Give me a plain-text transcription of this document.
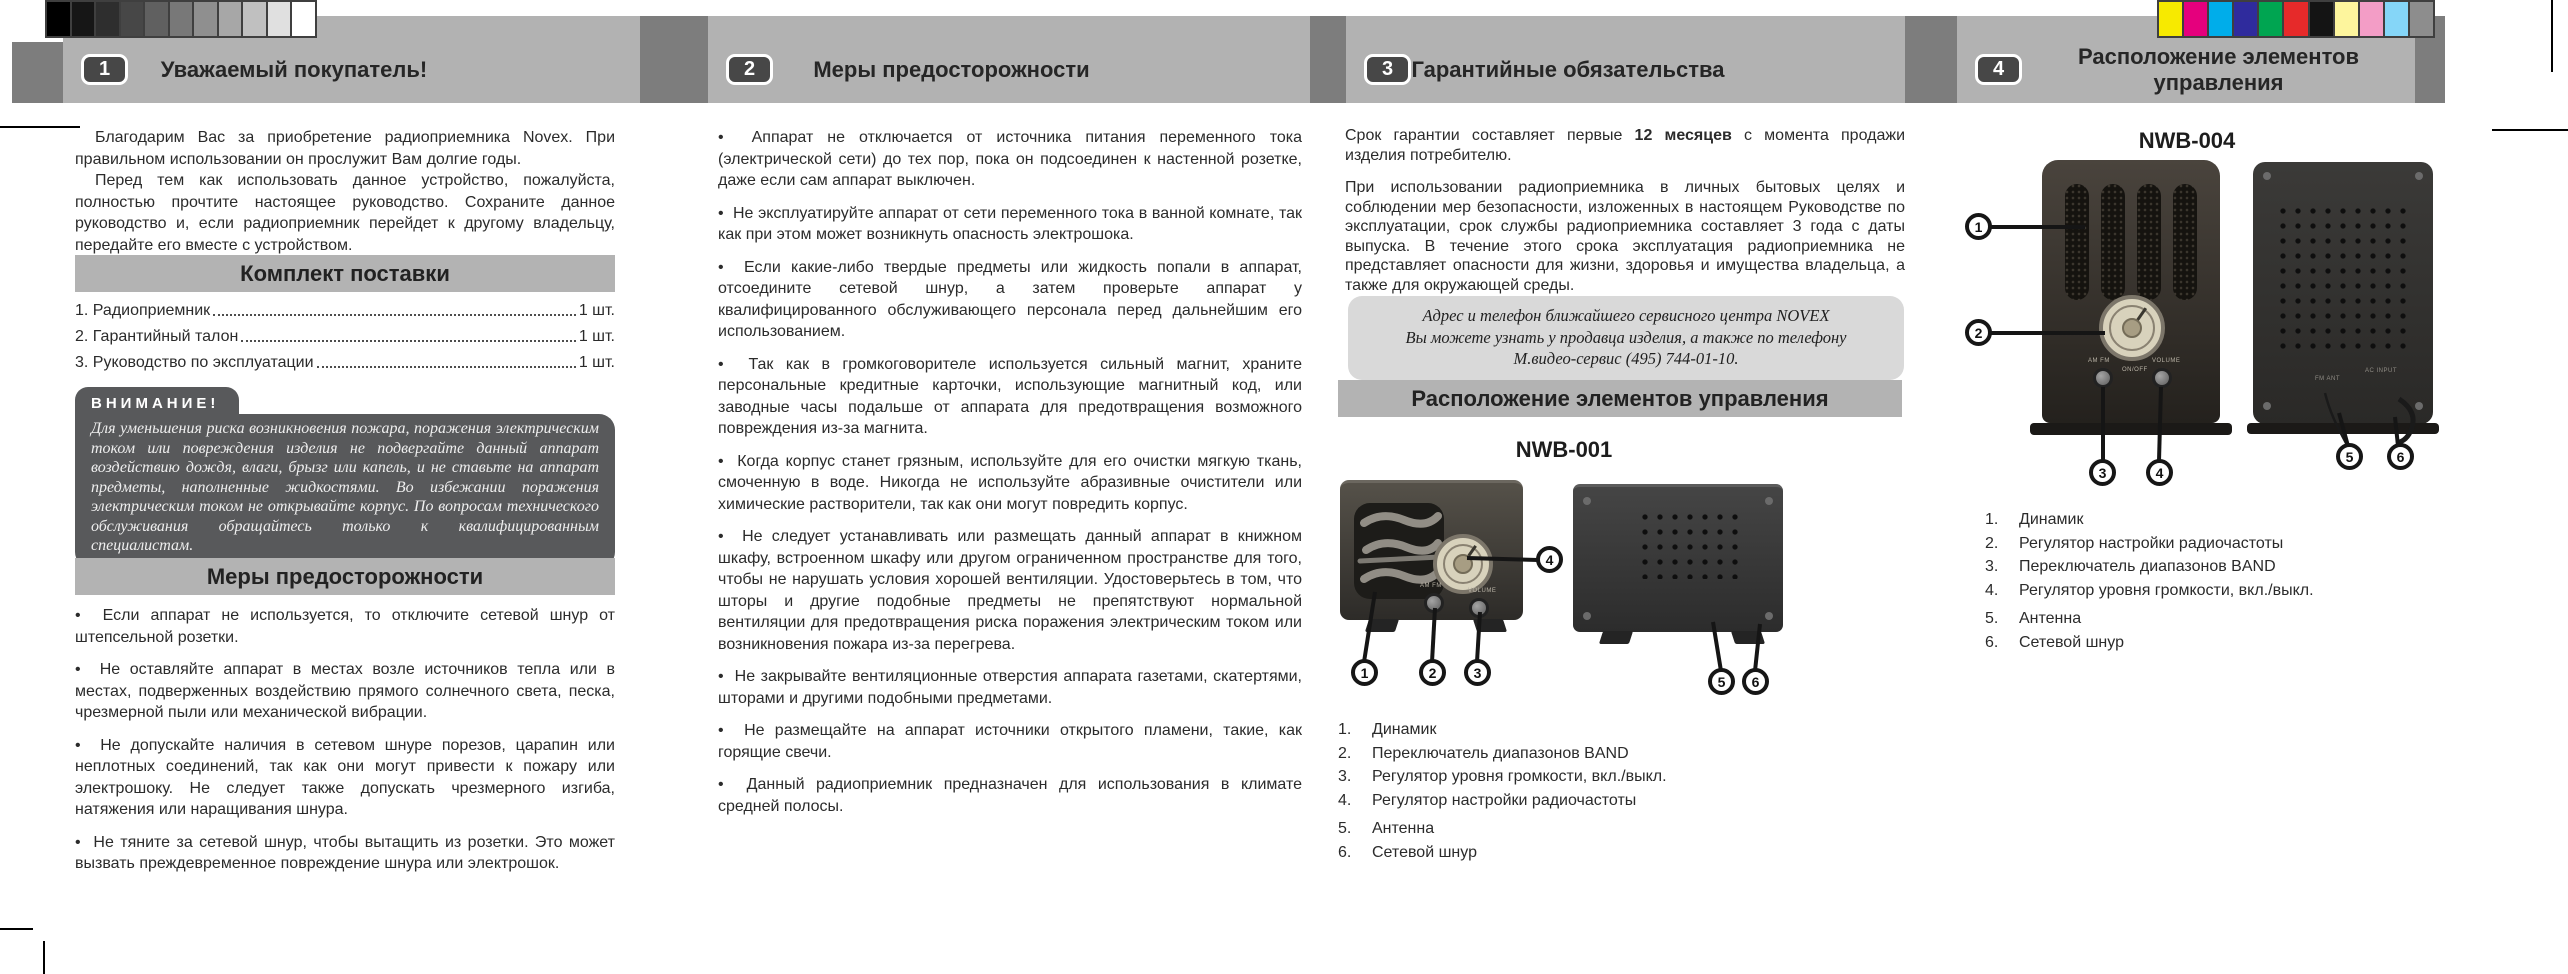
1	Уважаемый покупатель!	2	Меры предосторожности	3 Гарантийные обязательства	4
Расположение элементов управления

Благодарим Вас за приобретение радиоприемника Novex. При правильном использовании он прослужит Вам долгие годы.

Перед тем как использовать данное устройство, пожалуйста, полностью прочтите настоящее руководство. Сохраните данное руководство и, если радиоприемник перейдет к другому владельцу, передайте его вместе с устройством.

Комплект поставки
1. Радиоприемник	1 шт.
2. Гарантийный талон	1 шт.
3. Руководство по эксплуатации	1 шт.
ВНИМАНИЕ!
Для уменьшения риска возникновения пожара, поражения электрическим током или повреждения изделия не подвергайте данный аппарат воздействию дождя, влаги, брызг или капель, и не ставьте на аппарат предметы, наполненные жидкостями. Во избежании поражения электрическим током не открывайте корпус. По вопросам технического обслуживания обращайтесь только к квалифицированным специалистам.
Меры предосторожности
•  Если аппарат не используется, то отключите сетевой шнур от штепсельной розетки.
•  Не оставляйте аппарат в местах возле источников тепла или в местах, подверженных воздействию прямого солнечного света, песка, чрезмерной пыли или механической вибрации.
•  Не допускайте наличия в сетевом шнуре порезов, царапин или неплотных соединений, так как они могут привести к пожару или электрошоку. Не следует также допускать чрезмерного изгиба, натяжения или наращивания шнура.
•  Не тяните за сетевой шнур, чтобы вытащить из розетки. Это может вызвать преждевременное повреждение шнура или электрошок.
•  Аппарат не отключается от источника питания переменного тока (электрической сети) до тех пор, пока он подсоединен к настенной розетке, даже если сам аппарат выключен.
•  Не эксплуатируйте аппарат от сети переменного тока в ванной комнате, так как при этом может возникнуть опасность электрошока.
•  Если какие-либо твердые предметы или жидкость попали в аппарат, отсоедините сетевой шнур, а затем проверьте аппарат у квалифицированного обслуживающего персонала перед дальнейшим его использованием.
•  Так как в громкоговорителе используется сильный магнит, храните персональные кредитные карточки, использующие магнитный код, или заводные часы подальше от аппарата для предотвращения возможного повреждения из-за магнита.
•  Когда корпус станет грязным, используйте для его очистки мягкую ткань, смоченную в воде. Никогда не используйте абразивные очистители или химические растворители, так как они могут повредить корпус.
•  Не следует устанавливать или размещать данный аппарат в книжном шкафу, встроенном шкафу или другом ограниченном пространстве для того, чтобы не нарушать условия хорошей вентиляции. Удостоверьтесь в том, что шторы и другие подобные предметы не препятствуют нормальной вентиляции для предотвращения риска поражения электрическим током или возникновения пожара из-за перегрева.
•  Не закрывайте вентиляционные отверстия аппарата газетами, скатертями, шторами и другими подобными предметами.
•  Не размещайте на аппарат источники открытого пламени, такие, как горящие свечи.
•  Данный радиоприемник предназначен для использования в климате средней полосы.
Срок гарантии составляет первые 12 месяцев с момента продажи изделия потребителю.
При использовании радиоприемника в личных бытовых целях и соблюдении мер безопасности, изложенных в настоящем Руководстве по эксплуатации, срок службы радиоприемника составляет 3 года с даты выпуска. В течение этого срока эксплуатация радиоприемника не представляет опасности для жизни, здоровья и имущества владельца, а также для окружающей среды.
Адрес и телефон ближайшего сервисного центра NOVEX
Вы можете узнать у продавца изделия, а также по телефону
М.видео-сервис (495) 744-01-10.
Расположение элементов управления
NWB-001
AM FM
VOLUME
1	2	3
4
5	6
1.	Динамик
2.	Переключатель диапазонов BAND
3.	Регулятор уровня громкости, вкл./выкл.
4.	Регулятор настройки радиочастоты
5.	Антенна
6.	Сетевой шнур
NWB-004
AM FM
ON/OFF
VOLUME
FM ANT
AC INPUT
1
2
3	4
5	6
1.	Динамик
2.	Регулятор настройки радиочастоты
3.	Переключатель диапазонов BAND
4.	Регулятор уровня громкости, вкл./выкл.
5.	Антенна
6.	Сетевой шнур
